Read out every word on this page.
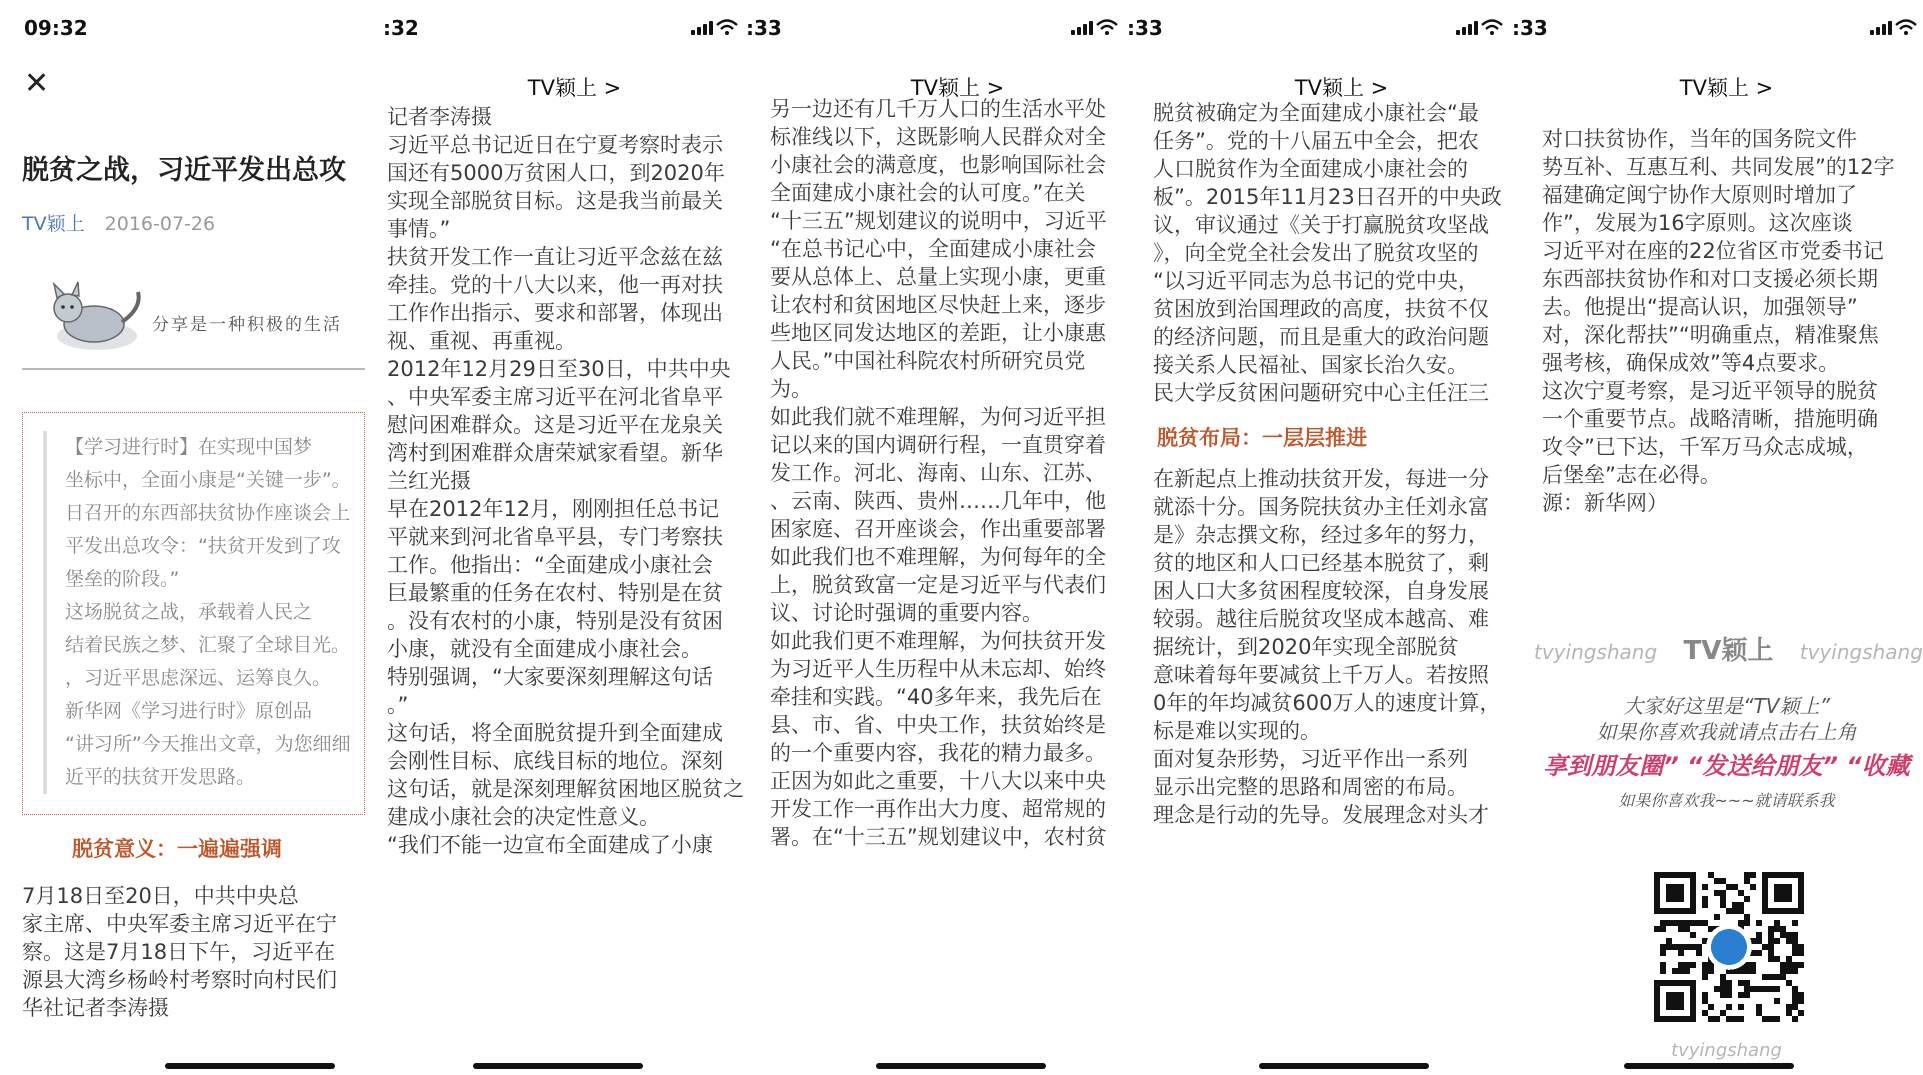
09:32
✕
脱贫之战，习近平发出总攻
TV颖上 2016-07-26
分享是一种积极的生活
【学习进行时】在实现中国梦
坐标中，全面小康是“关键一步”。
日召开的东西部扶贫协作座谈会上
平发出总攻令：“扶贫开发到了攻
堡垒的阶段。”
这场脱贫之战，承载着人民之
结着民族之梦、汇聚了全球目光。
，习近平思虑深远、运筹良久。
新华网《学习进行时》原创品
“讲习所”今天推出文章，为您细细
近平的扶贫开发思路。
脱贫意义：一遍遍强调
7月18日至20日，中共中央总
家主席、中央军委主席习近平在宁
察。这是7月18日下午，习近平在
源县大湾乡杨岭村考察时向村民们
华社记者李涛摄
:32
TV颖上 >
记者李涛摄
习近平总书记近日在宁夏考察时表示
国还有5000万贫困人口，到2020年
实现全部脱贫目标。这是我当前最关
事情。”
扶贫开发工作一直让习近平念兹在兹
牵挂。党的十八大以来，他一再对扶
工作作出指示、要求和部署，体现出
视、重视、再重视。
2012年12月29日至30日，中共中央
、中央军委主席习近平在河北省阜平
慰问困难群众。这是习近平在龙泉关
湾村到困难群众唐荣斌家看望。新华
兰红光摄
早在2012年12月，刚刚担任总书记
平就来到河北省阜平县，专门考察扶
工作。他指出：“全面建成小康社会
巨最繁重的任务在农村、特别是在贫
。没有农村的小康，特别是没有贫困
小康，就没有全面建成小康社会。
特别强调，“大家要深刻理解这句话
。”
这句话，将全面脱贫提升到全面建成
会刚性目标、底线目标的地位。深刻
这句话，就是深刻理解贫困地区脱贫之
建成小康社会的决定性意义。
“我们不能一边宣布全面建成了小康
:33
TV颖上 >
另一边还有几千万人口的生活水平处
标准线以下，这既影响人民群众对全
小康社会的满意度，也影响国际社会
全面建成小康社会的认可度。”在关
“十三五”规划建议的说明中，习近平
“在总书记心中，全面建成小康社会
要从总体上、总量上实现小康，更重
让农村和贫困地区尽快赶上来，逐步
些地区同发达地区的差距，让小康惠
人民。”中国社科院农村所研究员党
为。
如此我们就不难理解，为何习近平担
记以来的国内调研行程，一直贯穿着
发工作。河北、海南、山东、江苏、
、云南、陕西、贵州……几年中，他
困家庭、召开座谈会，作出重要部署
如此我们也不难理解，为何每年的全
上，脱贫致富一定是习近平与代表们
议、讨论时强调的重要内容。
如此我们更不难理解，为何扶贫开发
为习近平人生历程中从未忘却、始终
牵挂和实践。“40多年来，我先后在
县、市、省、中央工作，扶贫始终是
的一个重要内容，我花的精力最多。
正因为如此之重要，十八大以来中央
开发工作一再作出大力度、超常规的
署。在“十三五”规划建议中，农村贫
:33
TV颖上 >
脱贫被确定为全面建成小康社会“最
任务”。党的十八届五中全会，把农
人口脱贫作为全面建成小康社会的
板”。2015年11月23日召开的中央政
议，审议通过《关于打赢脱贫攻坚战
》，向全党全社会发出了脱贫攻坚的
“以习近平同志为总书记的党中央，
贫困放到治国理政的高度，扶贫不仅
的经济问题，而且是重大的政治问题
接关系人民福祉、国家长治久安。
民大学反贫困问题研究中心主任汪三
脱贫布局：一层层推进
在新起点上推动扶贫开发，每进一分
就添十分。国务院扶贫办主任刘永富
是》杂志撰文称，经过多年的努力，
贫的地区和人口已经基本脱贫了，剩
困人口大多贫困程度较深，自身发展
较弱。越往后脱贫攻坚成本越高、难
据统计，到2020年实现全部脱贫
意味着每年要减贫上千万人。若按照
0年的年均减贫600万人的速度计算，
标是难以实现的。
面对复杂形势，习近平作出一系列
显示出完整的思路和周密的布局。
理念是行动的先导。发展理念对头才
:33
TV颖上 >
对口扶贫协作，当年的国务院文件
势互补、互惠互利、共同发展”的12字
福建确定闽宁协作大原则时增加了
作”，发展为16字原则。这次座谈
习近平对在座的22位省区市党委书记
东西部扶贫协作和对口支援必须长期
去。他提出“提高认识，加强领导”
对，深化帮扶”“明确重点，精准聚焦
强考核，确保成效”等4点要求。
这次宁夏考察，是习近平领导的脱贫
一个重要节点。战略清晰，措施明确
攻令”已下达，千军万马众志成城，
后堡垒”志在必得。
源：新华网）
tvyingshang TV颖上 tvyingshang
大家好这里是“TV颖上”
如果你喜欢我就请点击右上角
享到朋友圈” “发送给朋友” “收藏
如果你喜欢我~~~就请联系我
tvyingshang
